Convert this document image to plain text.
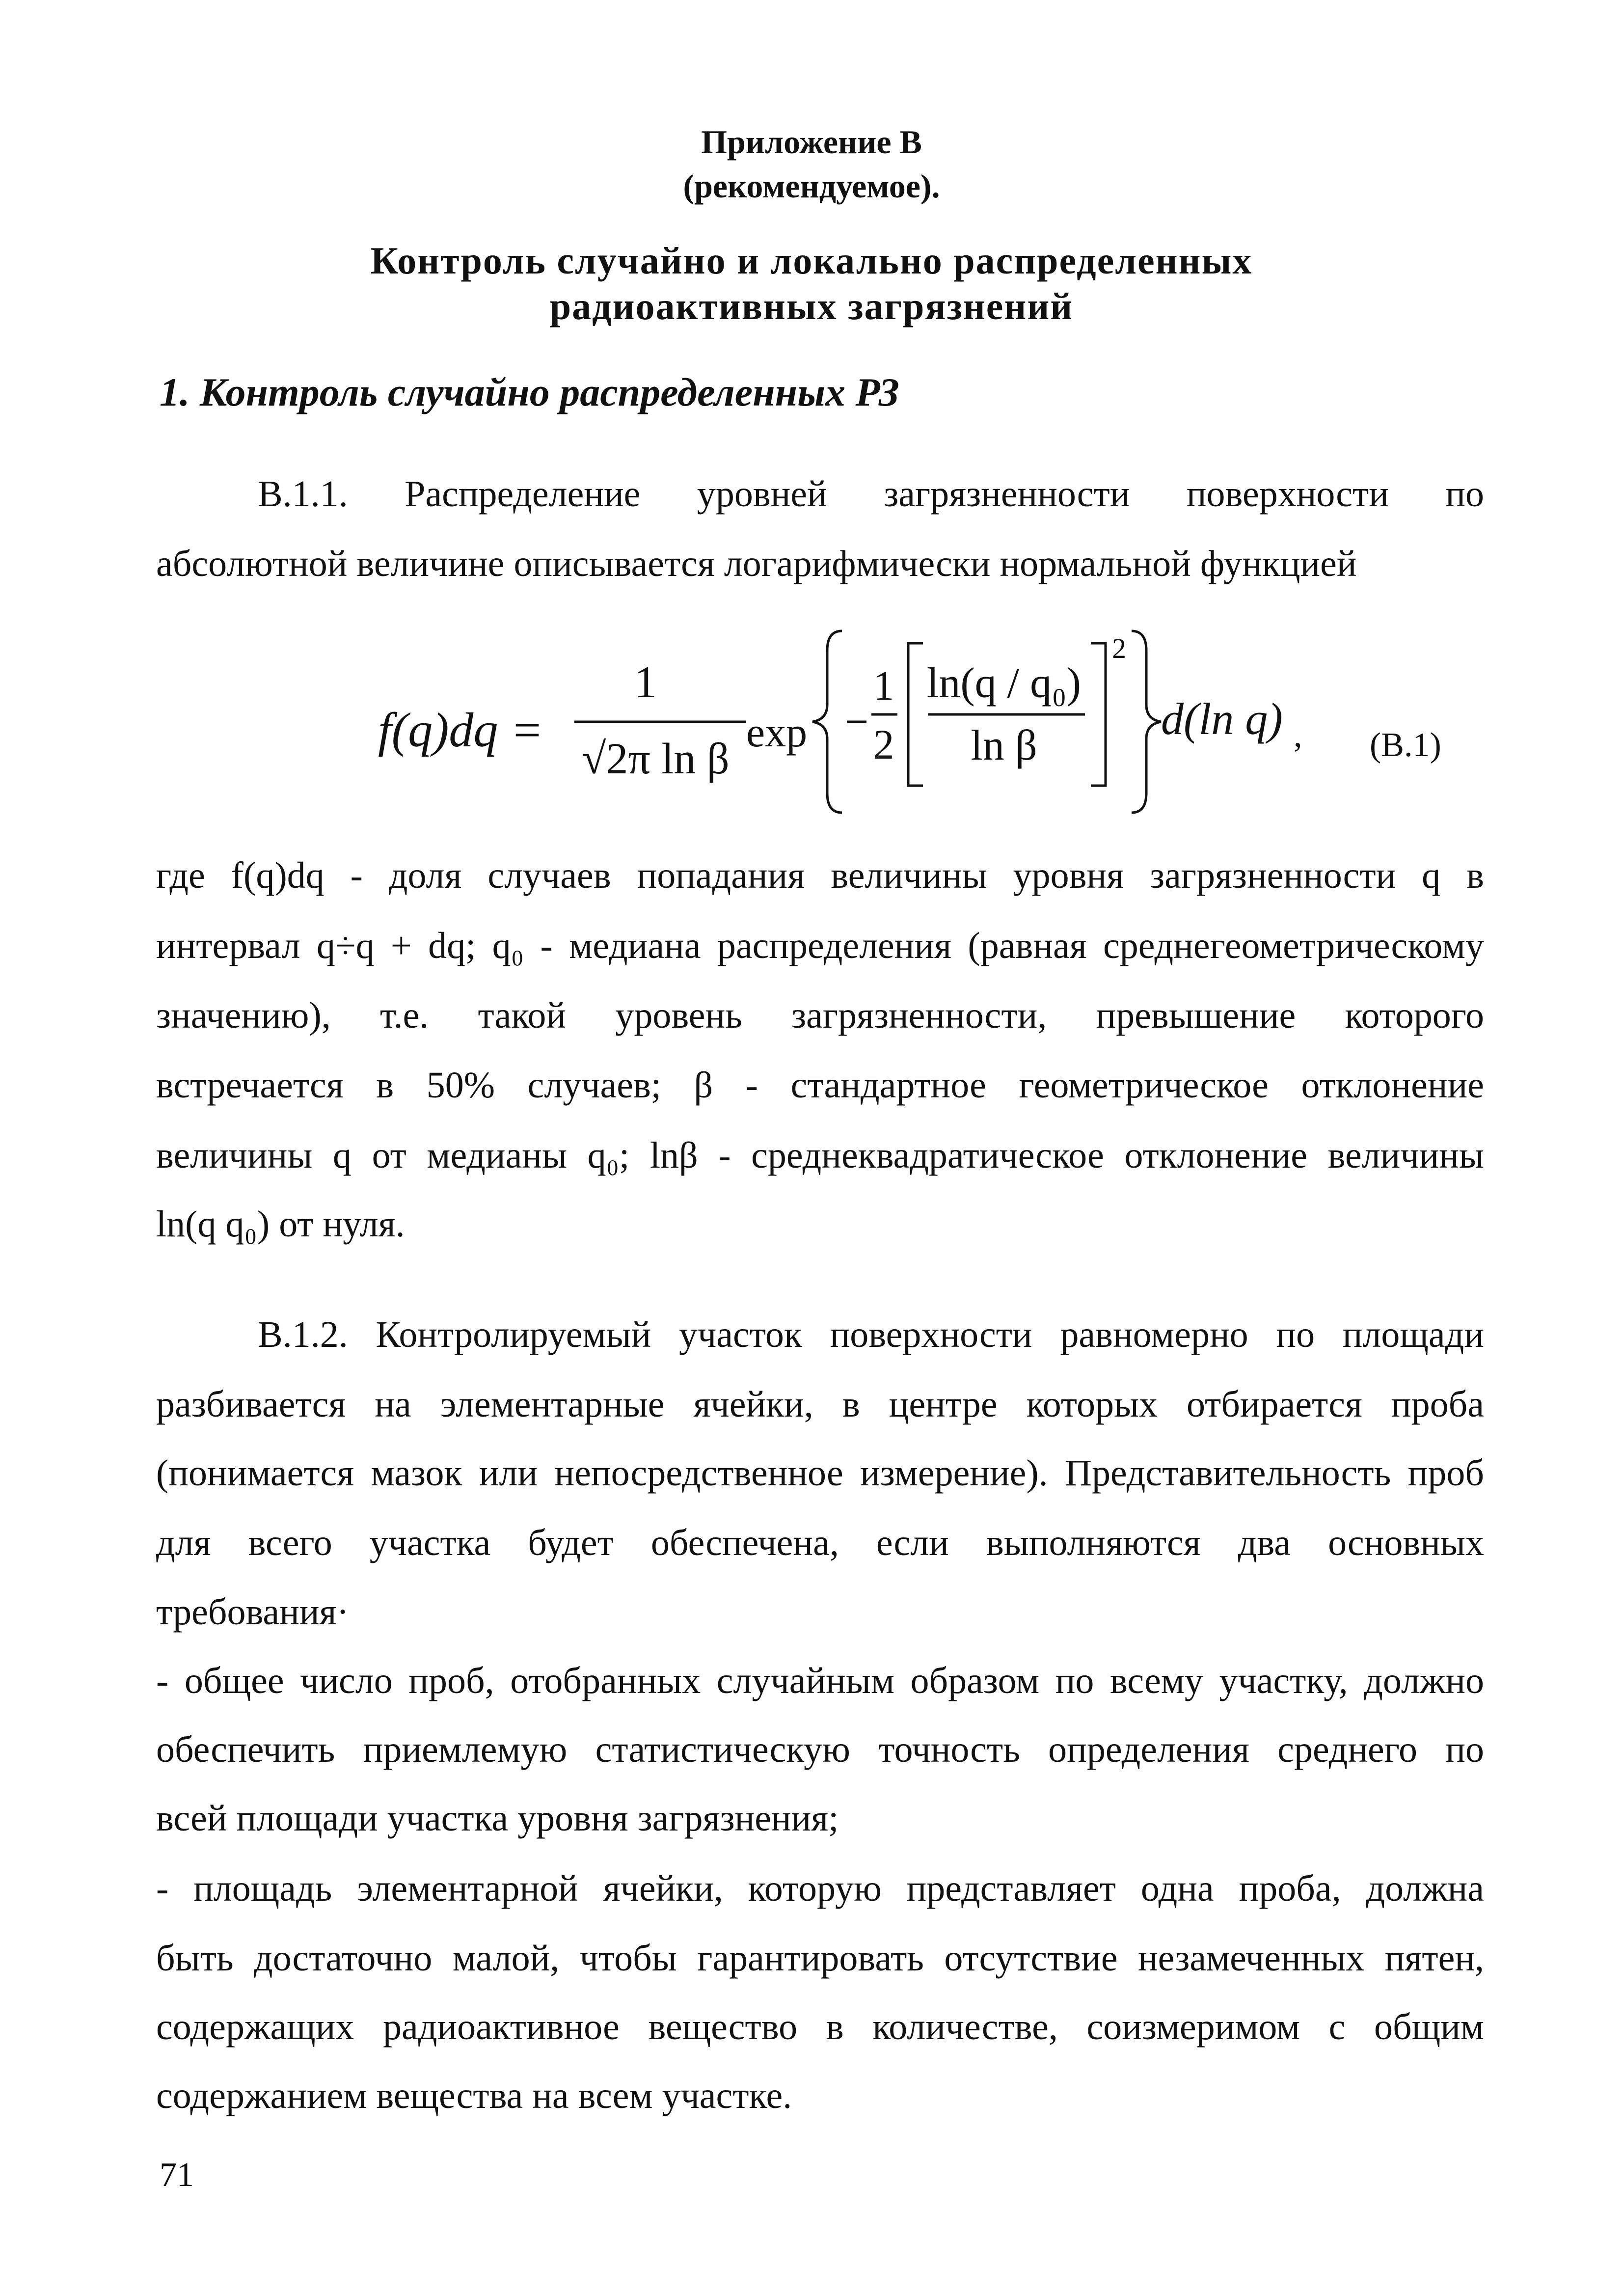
Приложение В
(рекомендуемое).
Контроль случайно и локально распределенных
радиоактивных загрязнений
1. Контроль случайно распределенных РЗ
В.1.1. Распределение уровней загрязненности поверхности по
абсолютной величине описывается логарифмически нормальной функцией
f(q)dq =
1
√2π ln β
exp
1
2
ln(q / q₀)
ln β
2
d(ln q) , (В.1)
где f(q)dq - доля случаев попадания величины уровня загрязненности q в
интервал q÷q + dq; q₀ - медиана распределения (равная среднегеометрическому
значению), т.е. такой уровень загрязненности, превышение которого
встречается в 50% случаев; β - стандартное геометрическое отклонение
величины q от медианы q₀; lnβ - среднеквадратическое отклонение величины
ln(q q₀) от нуля.
В.1.2. Контролируемый участок поверхности равномерно по площади
разбивается на элементарные ячейки, в центре которых отбирается проба
(понимается мазок или непосредственное измерение). Представительность проб
для всего участка будет обеспечена, если выполняются два основных
требования·
- общее число проб, отобранных случайным образом по всему участку, должно
обеспечить приемлемую статистическую точность определения среднего по
всей площади участка уровня загрязнения;
- площадь элементарной ячейки, которую представляет одна проба, должна
быть достаточно малой, чтобы гарантировать отсутствие незамеченных пятен,
содержащих радиоактивное вещество в количестве, соизмеримом с общим
содержанием вещества на всем участке.
71
